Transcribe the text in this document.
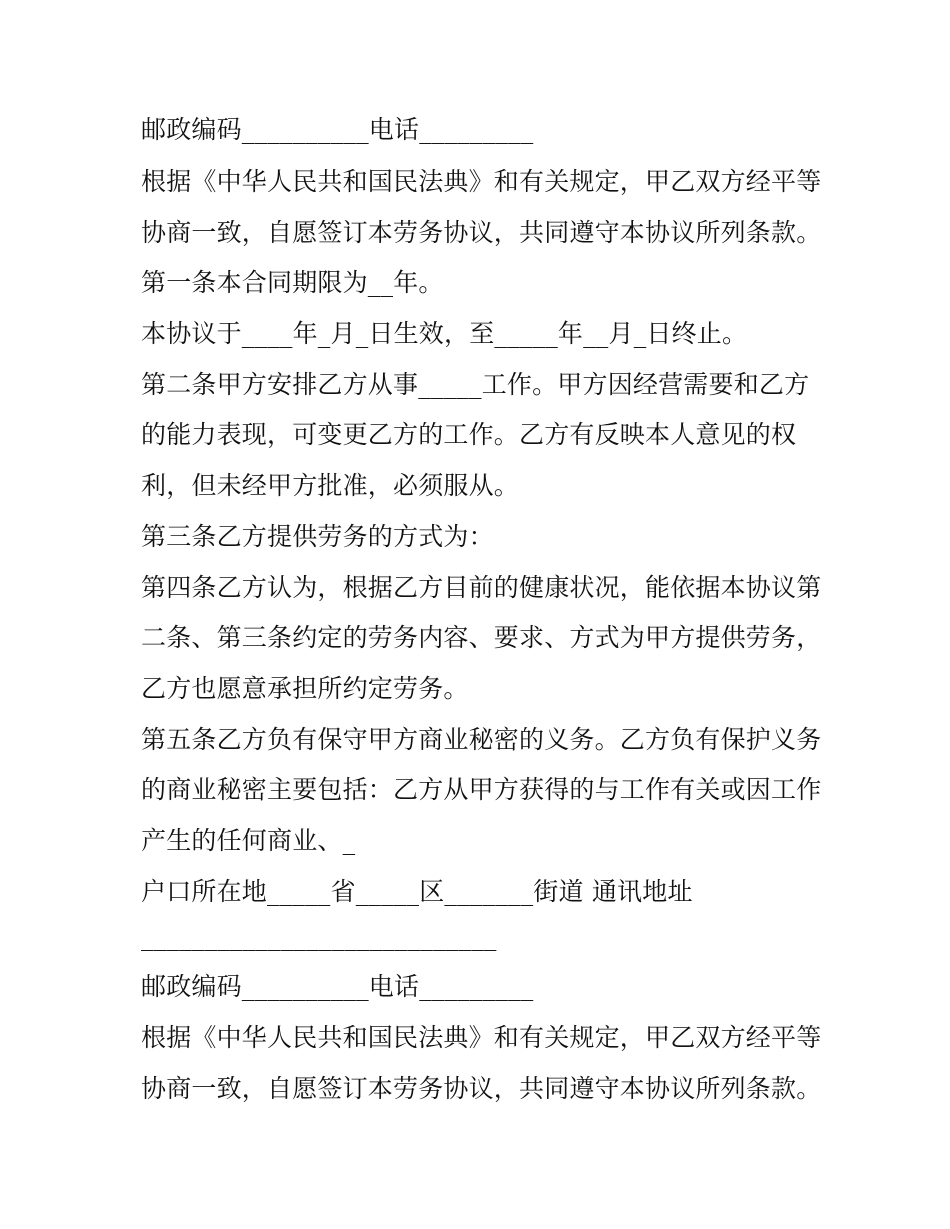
邮政编码__________电话_________

根据《中华人民共和国民法典》和有关规定，甲乙双方经平等

协商一致，自愿签订本劳务协议，共同遵守本协议所列条款。

第一条本合同期限为__年。

本协议于____年_月_日生效，至_____年__月_日终止。

第二条甲方安排乙方从事_____工作。甲方因经营需要和乙方

的能力表现，可变更乙方的工作。乙方有反映本人意见的权

利，但未经甲方批准，必须服从。

第三条乙方提供劳务的方式为：

第四条乙方认为，根据乙方目前的健康状况，能依据本协议第

二条、第三条约定的劳务内容、要求、方式为甲方提供劳务，

乙方也愿意承担所约定劳务。

第五条乙方负有保守甲方商业秘密的义务。乙方负有保护义务

的商业秘密主要包括：乙方从甲方获得的与工作有关或因工作

产生的任何商业、_

户口所在地_____省_____区_______街道 通讯地址

____________________________

邮政编码__________电话_________

根据《中华人民共和国民法典》和有关规定，甲乙双方经平等

协商一致，自愿签订本劳务协议，共同遵守本协议所列条款。
